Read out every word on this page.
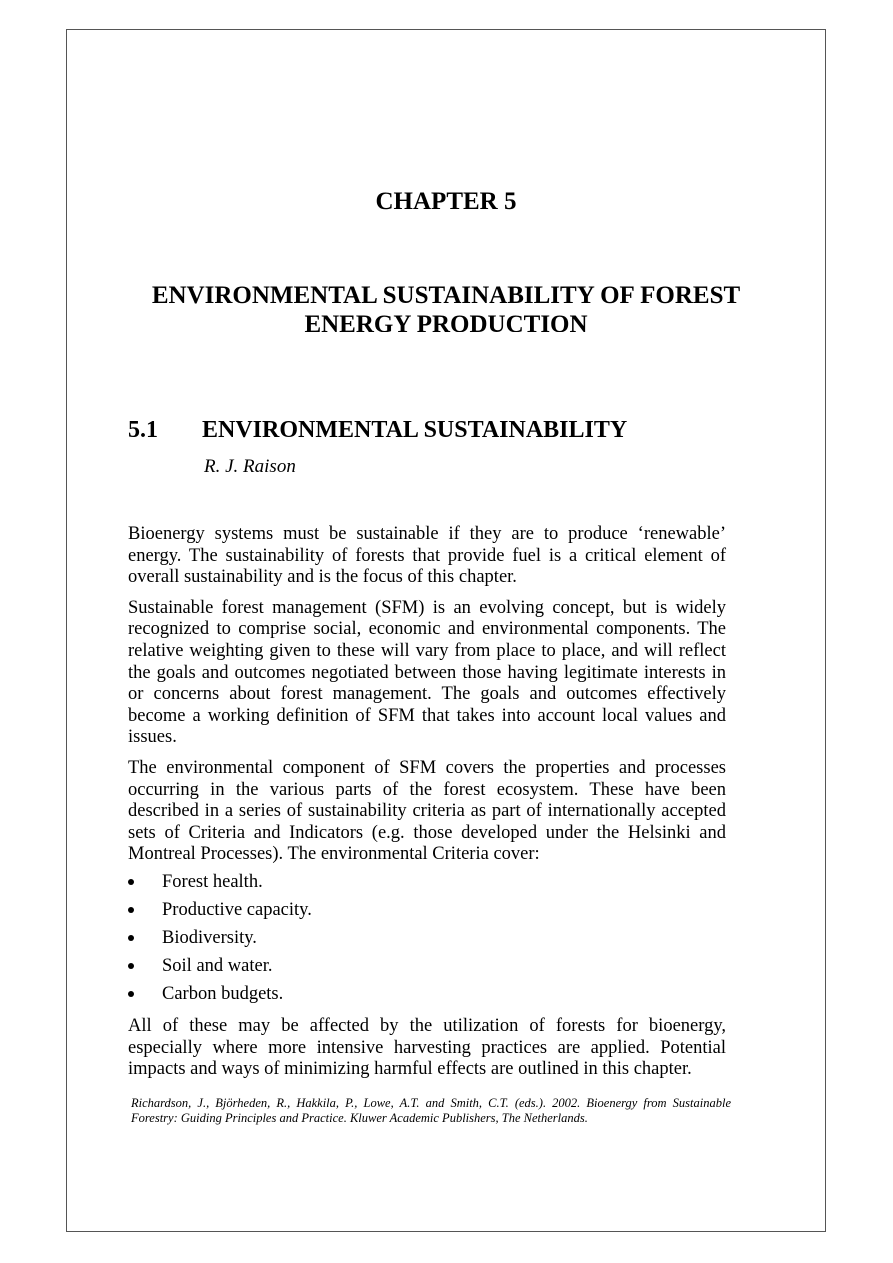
CHAPTER 5
ENVIRONMENTAL SUSTAINABILITY OF FOREST

ENERGY PRODUCTION
5.1 ENVIRONMENTAL SUSTAINABILITY
R. J. Raison

Bioenergy systems must be sustainable if they are to produce ‘renewable’ energy. The sustainability of forests that provide fuel is a critical element of overall sustainability and is the focus of this chapter.

Sustainable forest management (SFM) is an evolving concept, but is widely recognized to comprise social, economic and environmental components. The relative weighting given to these will vary from place to place, and will reflect the goals and outcomes negotiated between those having legitimate interests in or concerns about forest management. The goals and outcomes effectively become a working definition of SFM that takes into account local values and issues.

The environmental component of SFM covers the properties and processes occurring in the various parts of the forest ecosystem. These have been described in a series of sustainability criteria as part of internationally accepted sets of Criteria and Indicators (e.g. those developed under the Helsinki and Montreal Processes). The environmental Criteria cover:

Forest health.
Productive capacity.
Biodiversity.
Soil and water.
Carbon budgets.

All of these may be affected by the utilization of forests for bioenergy, especially where more intensive harvesting practices are applied. Potential impacts and ways of minimizing harmful effects are outlined in this chapter.

Richardson, J., Björheden, R., Hakkila, P., Lowe, A.T. and Smith, C.T. (eds.). 2002. Bioenergy from Sustainable Forestry: Guiding Principles and Practice. Kluwer Academic Publishers, The Netherlands.
